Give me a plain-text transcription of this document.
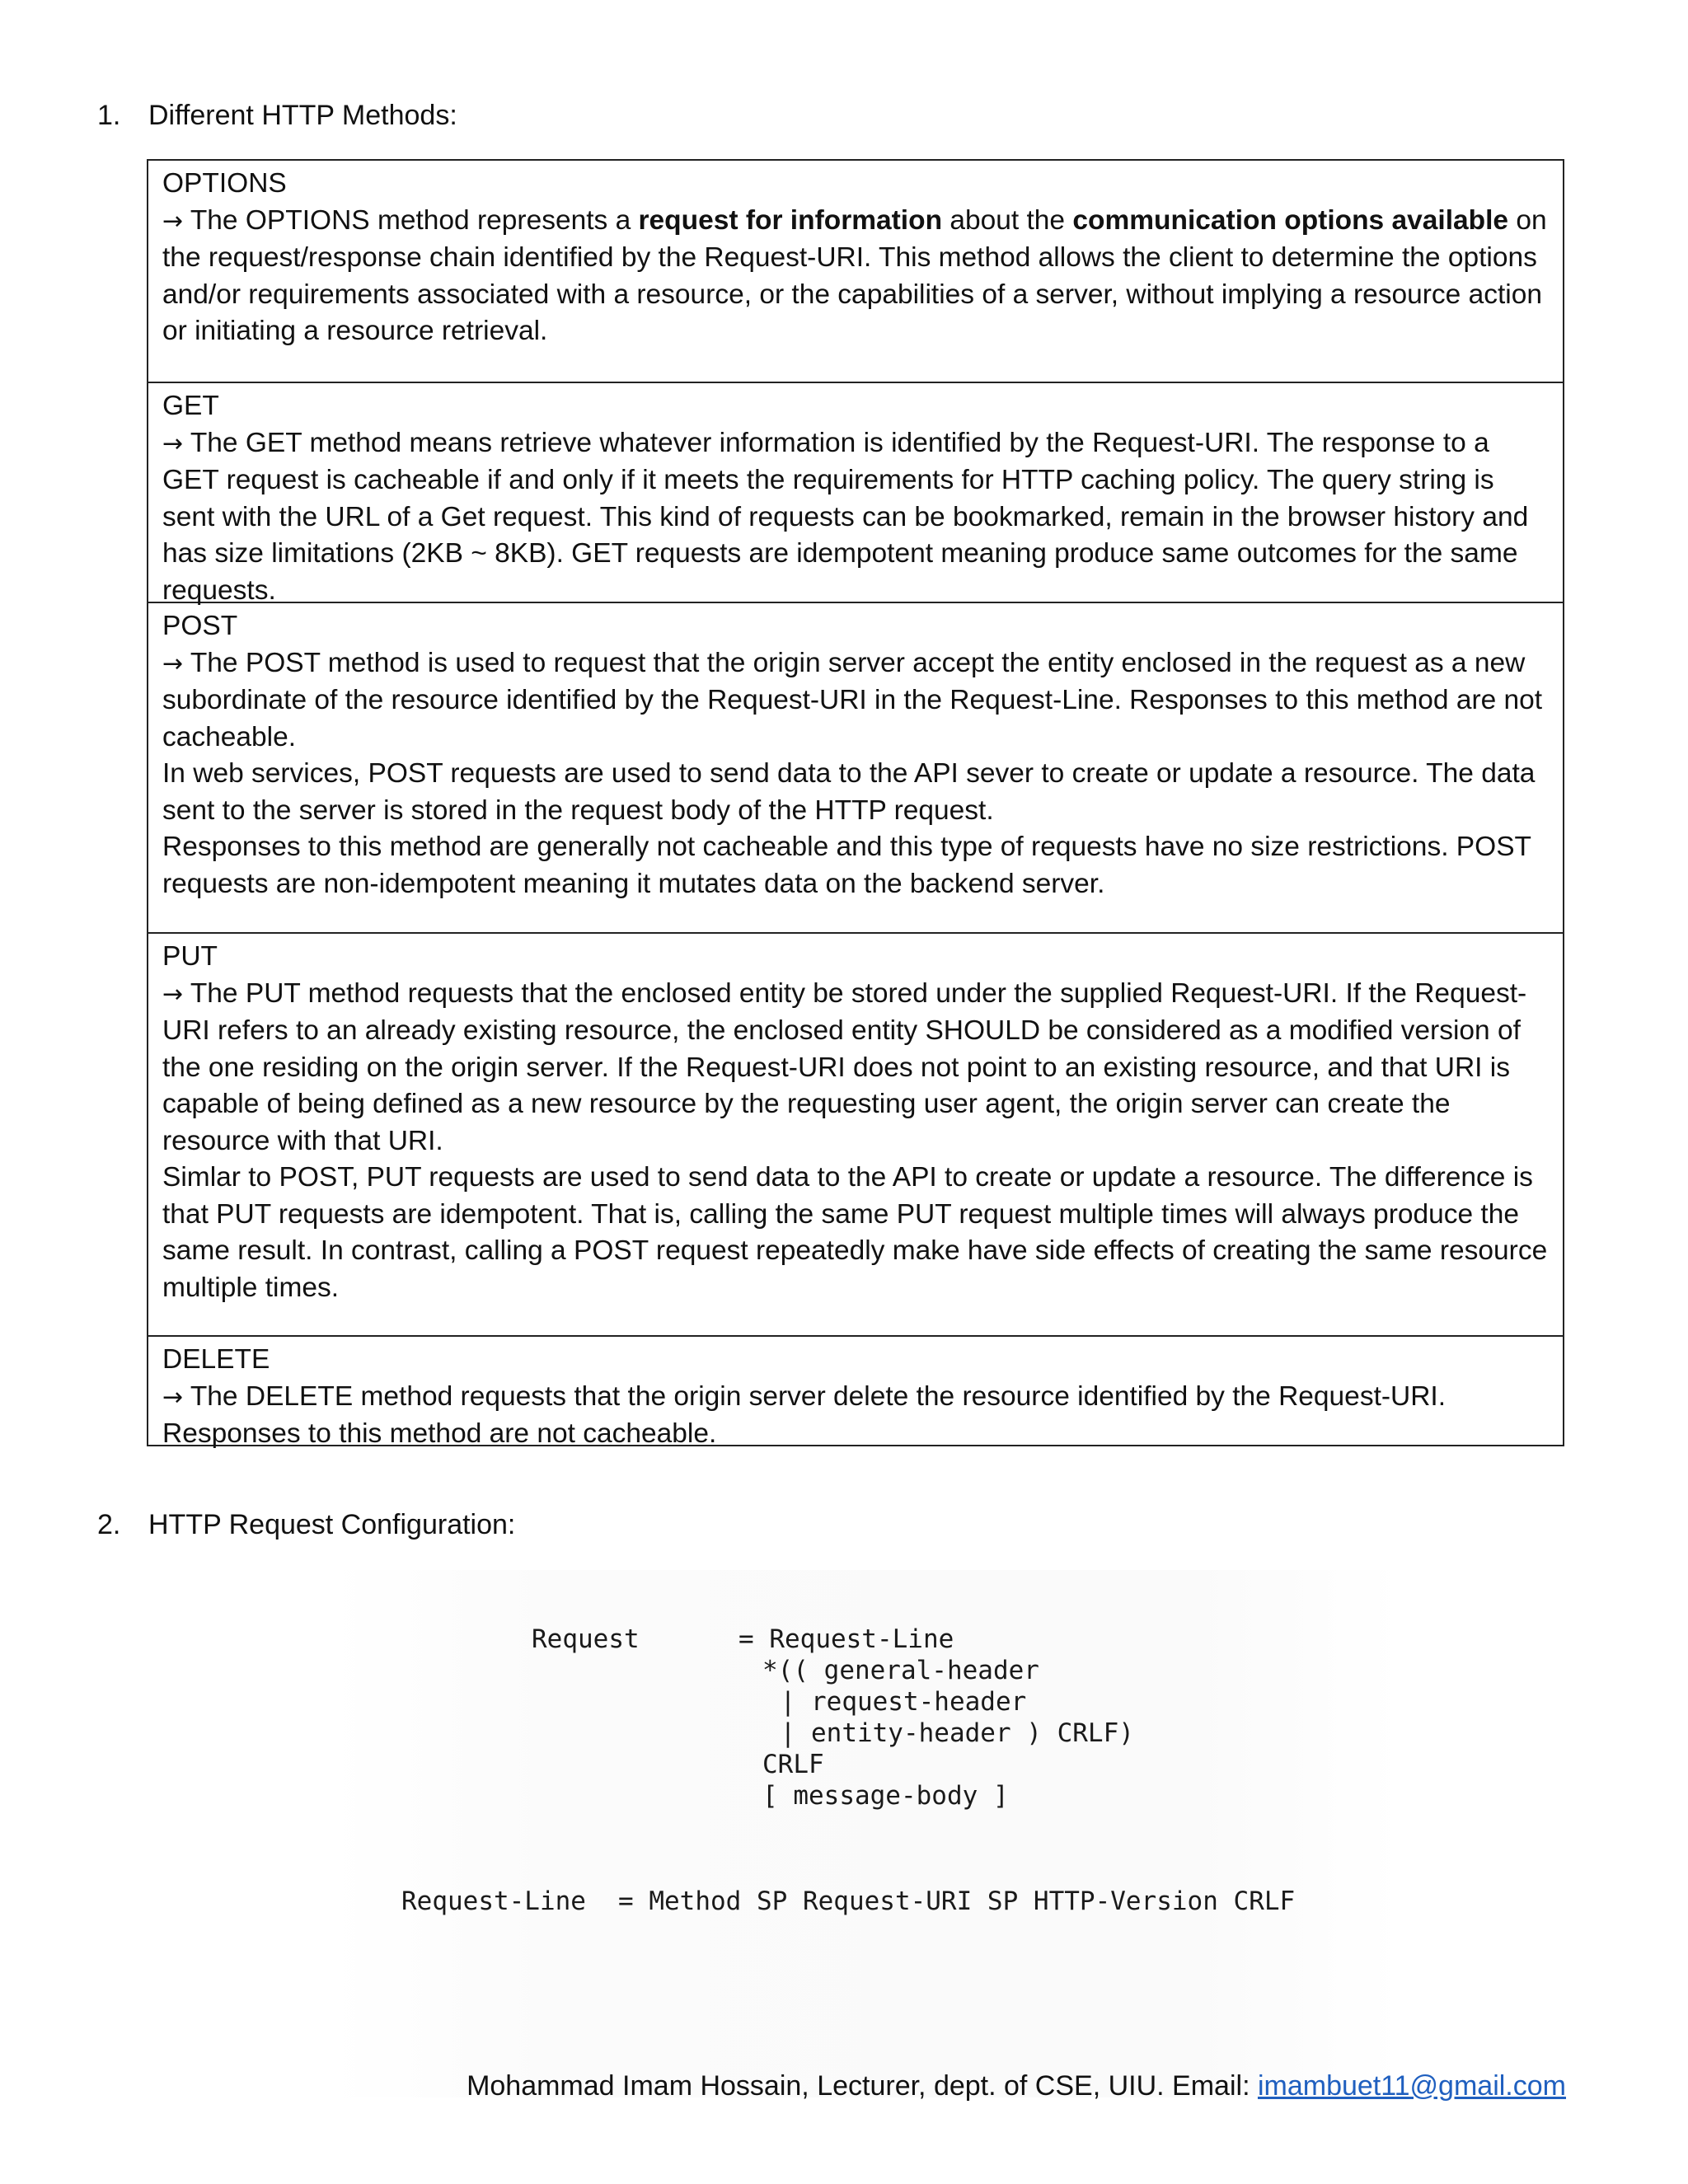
1. Different HTTP Methods:

OPTIONS

→ The OPTIONS method represents a request for information about the communication options available on the request/response chain identified by the Request-URI. This method allows the client to determine the options and/or requirements associated with a resource, or the capabilities of a server, without implying a resource action or initiating a resource retrieval.

GET

→ The GET method means retrieve whatever information is identified by the Request-URI. The response to a GET request is cacheable if and only if it meets the requirements for HTTP caching policy. The query string is sent with the URL of a Get request. This kind of requests can be bookmarked, remain in the browser history and has size limitations (2KB ~ 8KB). GET requests are idempotent meaning produce same outcomes for the same requests.

POST

→ The POST method is used to request that the origin server accept the entity enclosed in the request as a new subordinate of the resource identified by the Request-URI in the Request-Line. Responses to this method are not cacheable.

In web services, POST requests are used to send data to the API sever to create or update a resource. The data sent to the server is stored in the request body of the HTTP request.

Responses to this method are generally not cacheable and this type of requests have no size restrictions. POST requests are non-idempotent meaning it mutates data on the backend server.

PUT

→ The PUT method requests that the enclosed entity be stored under the supplied Request-URI. If the Request-URI refers to an already existing resource, the enclosed entity SHOULD be considered as a modified version of the one residing on the origin server. If the Request-URI does not point to an existing resource, and that URI is capable of being defined as a new resource by the requesting user agent, the origin server can create the resource with that URI.

Simlar to POST, PUT requests are used to send data to the API to create or update a resource. The difference is that PUT requests are idempotent. That is, calling the same PUT request multiple times will always produce the same result. In contrast, calling a POST request repeatedly make have side effects of creating the same resource multiple times.

DELETE

→ The DELETE method requests that the origin server delete the resource identified by the Request-URI. Responses to this method are not cacheable.

2. HTTP Request Configuration:
Request	= Request-Line
*(( general-header
| request-header
| entity-header ) CRLF)
CRLF
[ message-body ]
Request-Line = Method SP Request-URI SP HTTP-Version CRLF
Mohammad Imam Hossain, Lecturer, dept. of CSE, UIU. Email: imambuet11@gmail.com
